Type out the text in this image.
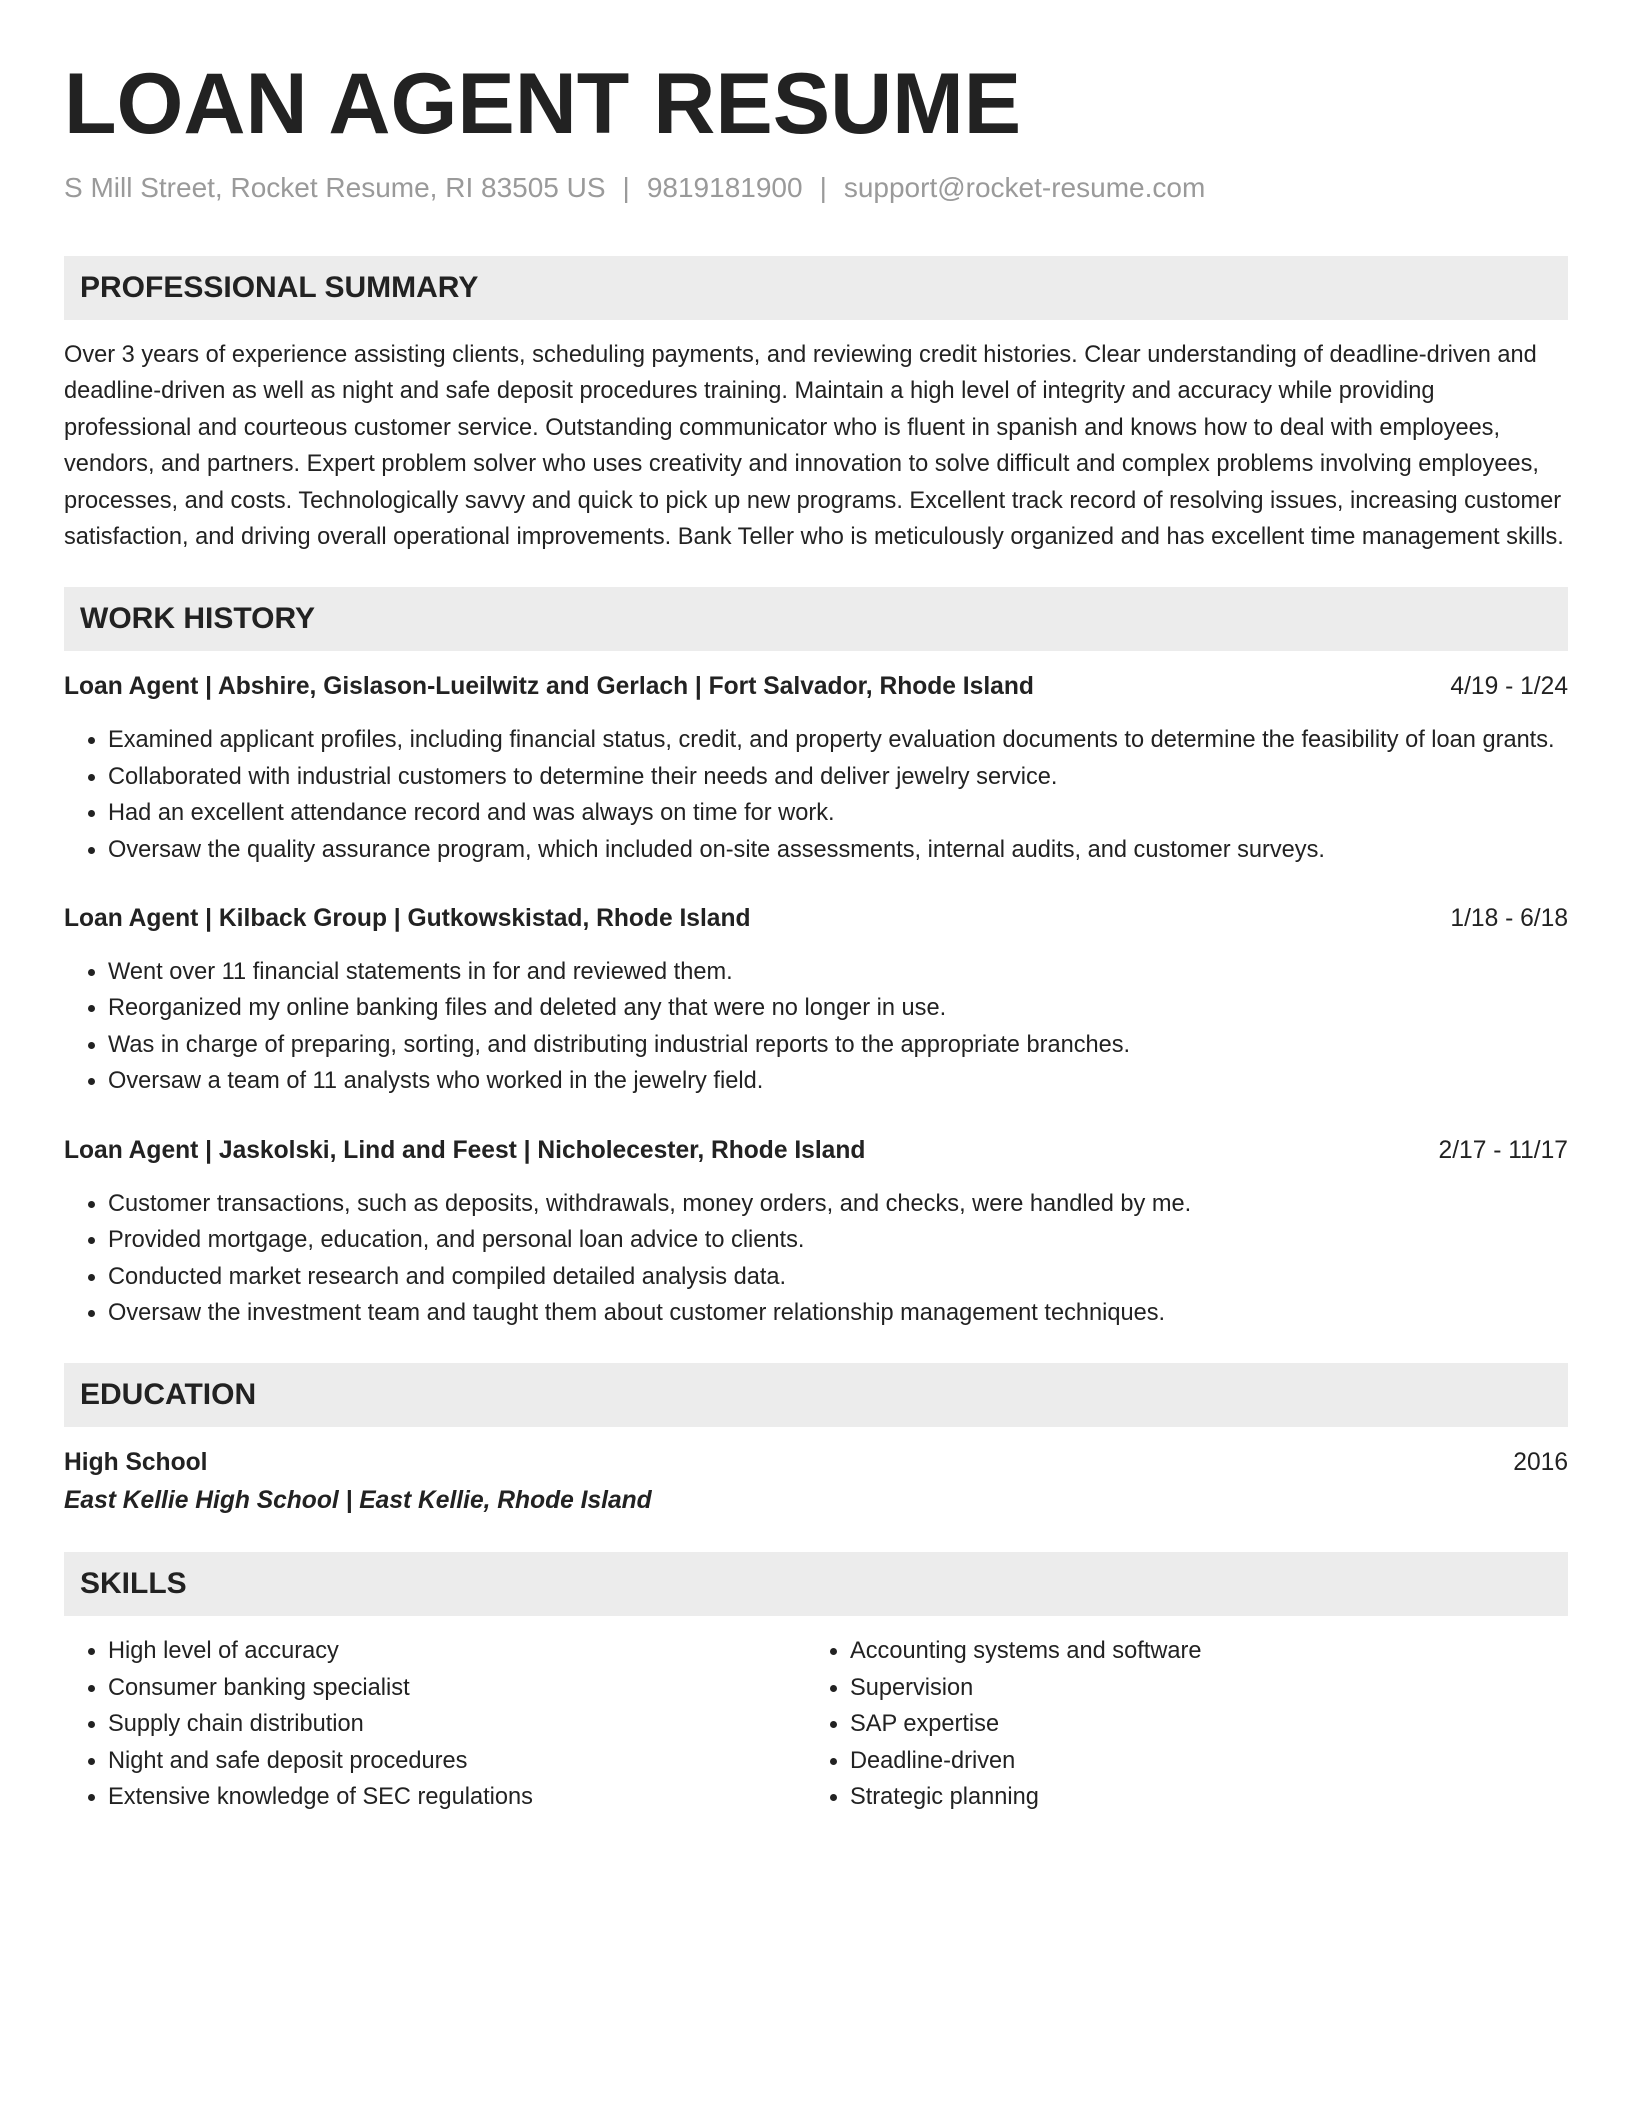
LOAN AGENT RESUME
S Mill Street, Rocket Resume, RI 83505 US | 9819181900 | support@rocket-resume.com
PROFESSIONAL SUMMARY

Over 3 years of experience assisting clients, scheduling payments, and reviewing credit histories. Clear understanding of deadline-driven and deadline-driven as well as night and safe deposit procedures training. Maintain a high level of integrity and accuracy while providing professional and courteous customer service. Outstanding communicator who is fluent in spanish and knows how to deal with employees, vendors, and partners. Expert problem solver who uses creativity and innovation to solve difficult and complex problems involving employees, processes, and costs. Technologically savvy and quick to pick up new programs. Excellent track record of resolving issues, increasing customer satisfaction, and driving overall operational improvements. Bank Teller who is meticulously organized and has excellent time management skills.

WORK HISTORY
Loan Agent | Abshire, Gislason-Lueilwitz and Gerlach | Fort Salvador, Rhode Island	4/19 - 1/24
• Examined applicant profiles, including financial status, credit, and property evaluation documents to determine the feasibility of loan grants.
• Collaborated with industrial customers to determine their needs and deliver jewelry service.
• Had an excellent attendance record and was always on time for work.
• Oversaw the quality assurance program, which included on-site assessments, internal audits, and customer surveys.
Loan Agent | Kilback Group | Gutkowskistad, Rhode Island	1/18 - 6/18
• Went over 11 financial statements in for and reviewed them.
• Reorganized my online banking files and deleted any that were no longer in use.
• Was in charge of preparing, sorting, and distributing industrial reports to the appropriate branches.
• Oversaw a team of 11 analysts who worked in the jewelry field.
Loan Agent | Jaskolski, Lind and Feest | Nicholecester, Rhode Island	2/17 - 11/17
• Customer transactions, such as deposits, withdrawals, money orders, and checks, were handled by me.
• Provided mortgage, education, and personal loan advice to clients.
• Conducted market research and compiled detailed analysis data.
• Oversaw the investment team and taught them about customer relationship management techniques.
EDUCATION
High School	2016
East Kellie High School | East Kellie, Rhode Island
SKILLS
• High level of accuracy
• Consumer banking specialist
• Supply chain distribution
• Night and safe deposit procedures
• Extensive knowledge of SEC regulations
• Accounting systems and software
• Supervision
• SAP expertise
• Deadline-driven
• Strategic planning
